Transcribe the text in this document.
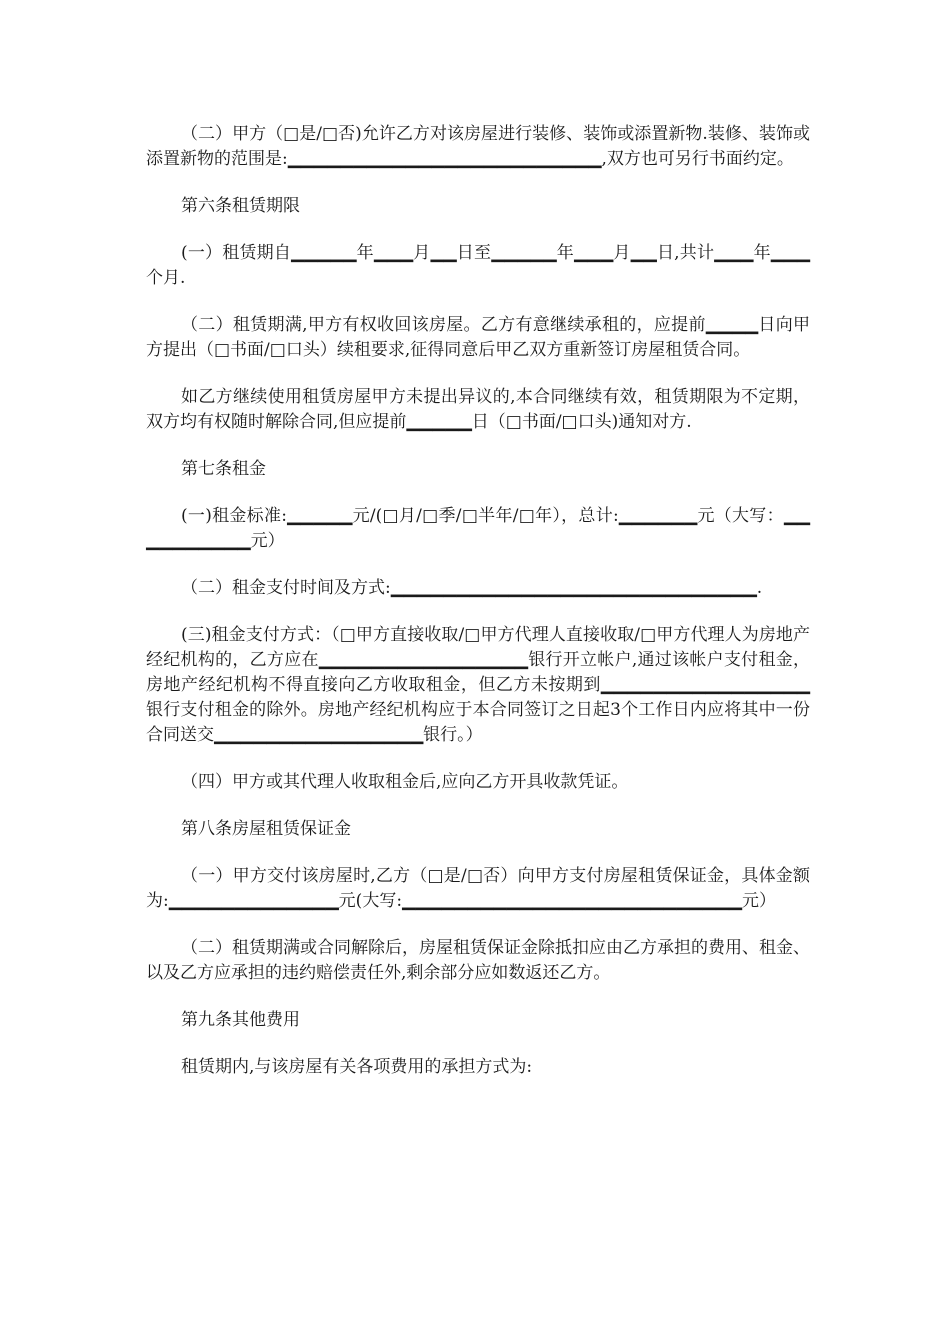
（二）甲方（□是/□否)允许乙方对该房屋进行装修、装饰或添置新物.装修、装饰或添置新物的范围是:▁▁▁▁▁▁▁▁▁▁▁▁▁▁▁▁▁▁▁▁▁▁▁▁,双方也可另行书面约定。

第六条租赁期限

(一）租赁期自▁▁▁▁▁年▁▁▁月▁▁日至▁▁▁▁▁年▁▁▁月▁▁日,共计▁▁▁年▁▁▁个月.

（二）租赁期满,甲方有权收回该房屋。乙方有意继续承租的，应提前▁▁▁▁日向甲方提出（□书面/□口头）续租要求,征得同意后甲乙双方重新签订房屋租赁合同。

如乙方继续使用租赁房屋甲方未提出异议的,本合同继续有效，租赁期限为不定期，双方均有权随时解除合同,但应提前▁▁▁▁▁日（□书面/□口头)通知对方.

第七条租金

(一)租金标准:▁▁▁▁▁元/(□月/□季/□半年/□年），总计:▁▁▁▁▁▁元（大写：▁▁▁▁▁▁▁▁▁▁元）

（二）租金支付时间及方式:▁▁▁▁▁▁▁▁▁▁▁▁▁▁▁▁▁▁▁▁▁▁▁▁▁▁▁▁.

(三)租金支付方式：（□甲方直接收取/□甲方代理人直接收取/□甲方代理人为房地产经纪机构的，乙方应在▁▁▁▁▁▁▁▁▁▁▁▁▁▁▁▁银行开立帐户,通过该帐户支付租金，房地产经纪机构不得直接向乙方收取租金，但乙方未按期到▁▁▁▁▁▁▁▁▁▁▁▁▁▁▁▁银行支付租金的除外。房地产经纪机构应于本合同签订之日起3个工作日内应将其中一份合同送交▁▁▁▁▁▁▁▁▁▁▁▁▁▁▁▁银行。）

（四）甲方或其代理人收取租金后,应向乙方开具收款凭证。

第八条房屋租赁保证金

（一）甲方交付该房屋时,乙方（□是/□否）向甲方支付房屋租赁保证金，具体金额为:▁▁▁▁▁▁▁▁▁▁▁▁▁元(大写:▁▁▁▁▁▁▁▁▁▁▁▁▁▁▁▁▁▁▁▁▁▁▁▁▁▁元）

（二）租赁期满或合同解除后，房屋租赁保证金除抵扣应由乙方承担的费用、租金、以及乙方应承担的违约赔偿责任外,剩余部分应如数返还乙方。

第九条其他费用

租赁期内,与该房屋有关各项费用的承担方式为:
